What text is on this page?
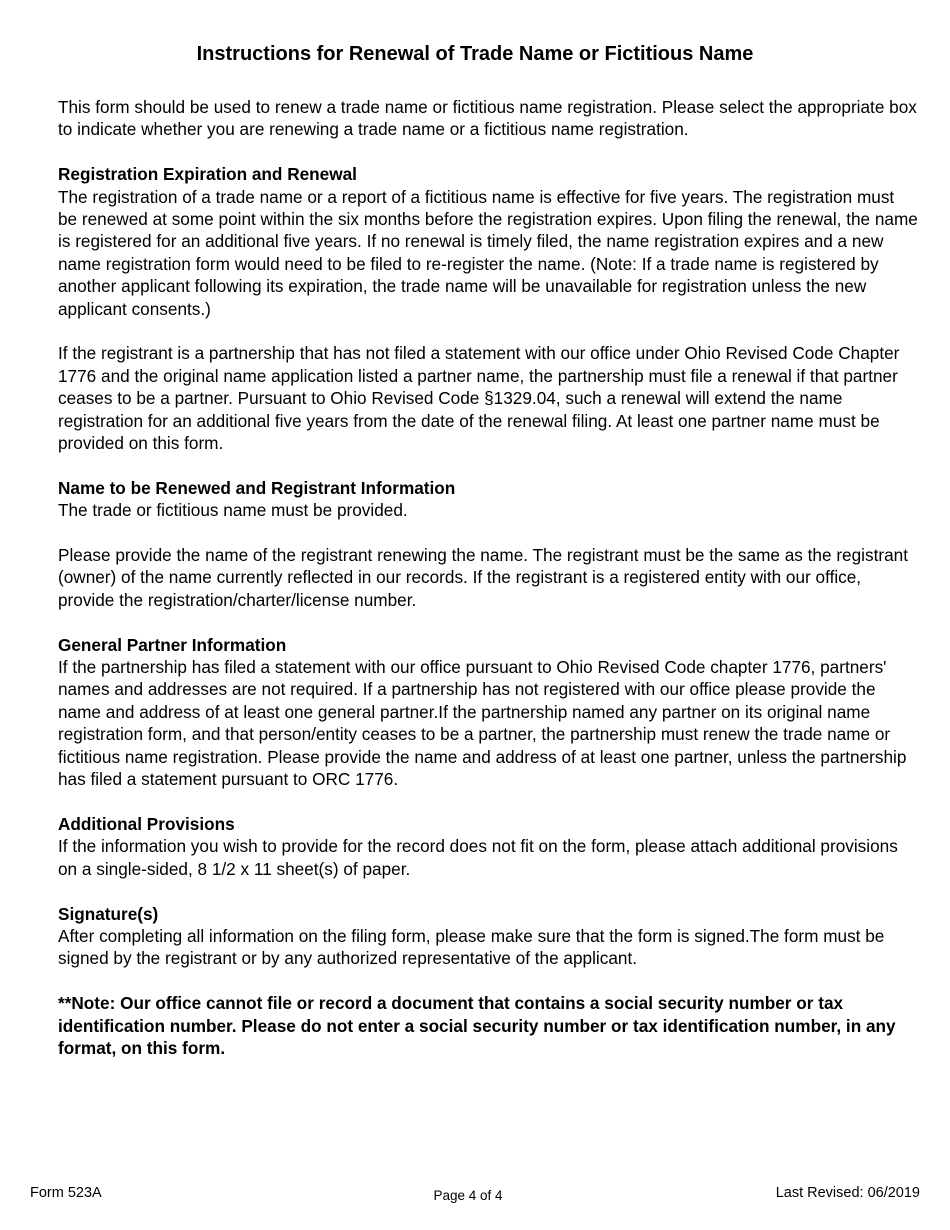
Instructions for Renewal of Trade Name or Fictitious Name

This form should be used to renew a trade name or fictitious name registration. Please select the appropriate box to indicate whether you are renewing a trade name or a fictitious name registration.

Registration Expiration and Renewal

The registration of a trade name or a report of a fictitious name is effective for five years. The registration must be renewed at some point within the six months before the registration expires. Upon filing the renewal, the name is registered for an additional five years. If no renewal is timely filed, the name registration expires and a new name registration form would need to be filed to re-register the name. (Note: If a trade name is registered by another applicant following its expiration, the trade name will be unavailable for registration unless the new applicant consents.)

If the registrant is a partnership that has not filed a statement with our office under Ohio Revised Code Chapter 1776 and the original name application listed a partner name, the partnership must file a renewal if that partner ceases to be a partner. Pursuant to Ohio Revised Code §1329.04, such a renewal will extend the name registration for an additional five years from the date of the renewal filing. At least one partner name must be provided on this form.

Name to be Renewed and Registrant Information

The trade or fictitious name must be provided.

Please provide the name of the registrant renewing the name. The registrant must be the same as the registrant (owner) of the name currently reflected in our records. If the registrant is a registered entity with our office, provide the registration/charter/license number.

General Partner Information

If the partnership has filed a statement with our office pursuant to Ohio Revised Code chapter 1776, partners' names and addresses are not required. If a partnership has not registered with our office please provide the name and address of at least one general partner.If the partnership named any partner on its original name registration form, and that person/entity ceases to be a partner, the partnership must renew the trade name or fictitious name registration. Please provide the name and address of at least one partner, unless the partnership has filed a statement pursuant to ORC 1776.

Additional Provisions

If the information you wish to provide for the record does not fit on the form, please attach additional provisions on a single-sided, 8 1/2 x 11 sheet(s) of paper.

Signature(s)

After completing all information on the filing form, please make sure that the form is signed.The form must be signed by the registrant or by any authorized representative of the applicant.

**Note: Our office cannot file or record a document that contains a social security number or tax identification number. Please do not enter a social security number or tax identification number, in any format, on this form.

Form 523A	Page 4 of 4	Last Revised: 06/2019
